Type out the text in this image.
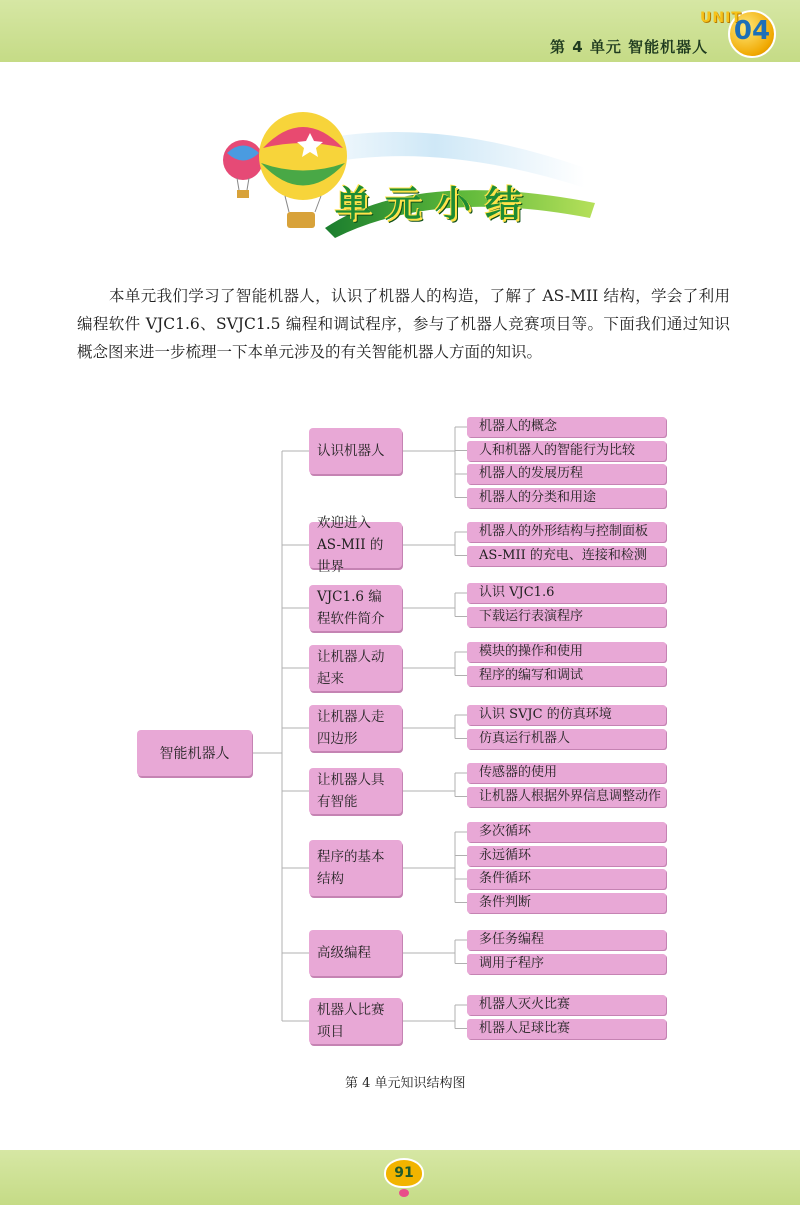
第 4 单元 智能机器人
UNIT
04
单元小结

本单元我们学习了智能机器人，认识了机器人的构造，了解了 AS-MII 结构，学会了利用编程软件 VJC1.6、SVJC1.5 编程和调试程序，参与了机器人竞赛项目等。下面我们通过知识概念图来进一步梳理一下本单元涉及的有关智能机器人方面的知识。

智能机器人
认识机器人
机器人的概念
人和机器人的智能行为比较
机器人的发展历程
机器人的分类和用途
欢迎进入 AS-MII 的世界
机器人的外形结构与控制面板
AS-MII 的充电、连接和检测
VJC1.6 编程软件简介
认识 VJC1.6
下载运行表演程序
让机器人动起来
模块的操作和使用
程序的编写和调试
让机器人走四边形
认识 SVJC 的仿真环境
仿真运行机器人
让机器人具有智能
传感器的使用
让机器人根据外界信息调整动作
程序的基本结构
多次循环
永远循环
条件循环
条件判断
高级编程
多任务编程
调用子程序
机器人比赛项目
机器人灭火比赛
机器人足球比赛
第 4 单元知识结构图
91
